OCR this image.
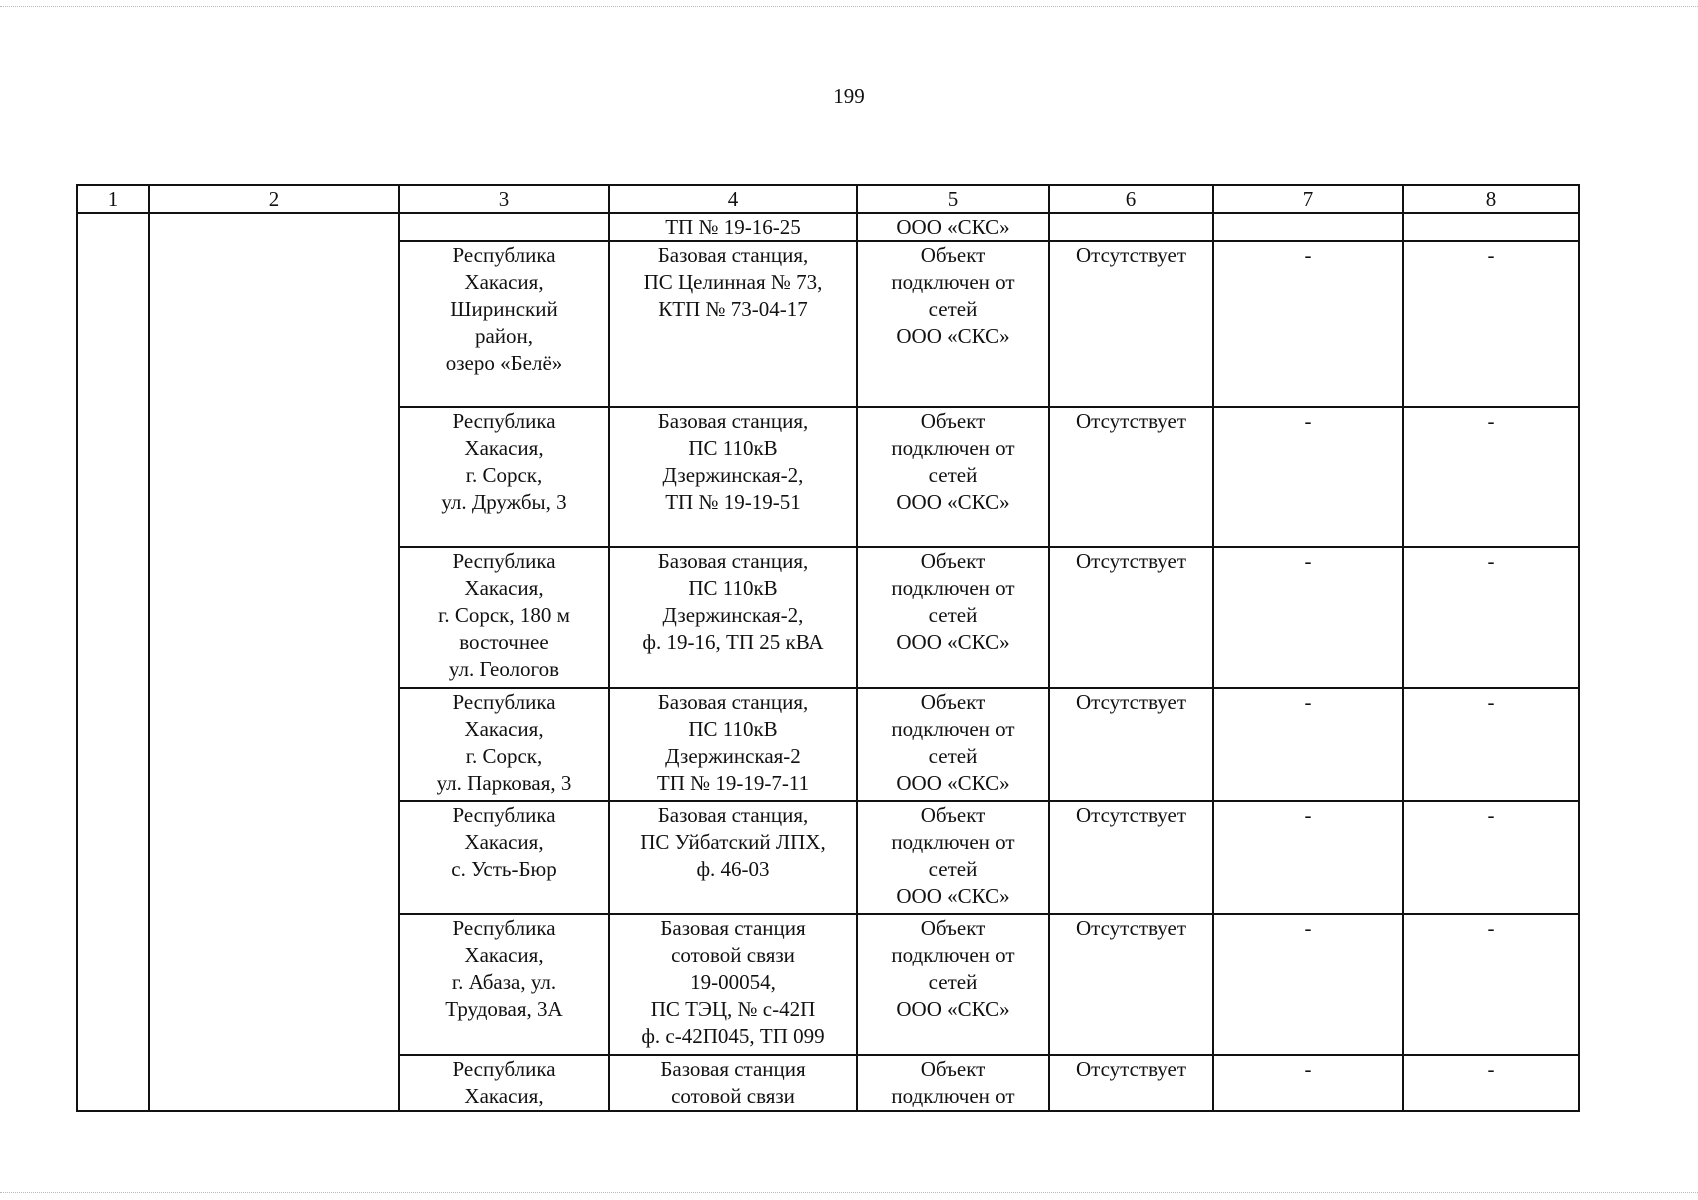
199
1	2	3	4	5	6	7	8
			ТП № 19-16-25	ООО «СКС»			
		Республика
Хакасия,
Ширинский
район,
озеро «Белё»	Базовая станция,
ПС Целинная № 73,
КТП № 73-04-17	Объект
подключен от
сетей
ООО «СКС»	Отсутствует	-	-
		Республика
Хакасия,
г. Сорск,
ул. Дружбы, 3	Базовая станция,
ПС 110кВ
Дзержинская-2,
ТП № 19-19-51	Объект
подключен от
сетей
ООО «СКС»	Отсутствует	-	-
		Республика
Хакасия,
г. Сорск, 180 м
восточнее
ул. Геологов	Базовая станция,
ПС 110кВ
Дзержинская-2,
ф. 19-16, ТП 25 кВА	Объект
подключен от
сетей
ООО «СКС»	Отсутствует	-	-
		Республика
Хакасия,
г. Сорск,
ул. Парковая, 3	Базовая станция,
ПС 110кВ
Дзержинская-2
ТП № 19-19-7-11	Объект
подключен от
сетей
ООО «СКС»	Отсутствует	-	-
		Республика
Хакасия,
с. Усть-Бюр	Базовая станция,
ПС Уйбатский ЛПХ,
ф. 46-03	Объект
подключен от
сетей
ООО «СКС»	Отсутствует	-	-
		Республика
Хакасия,
г. Абаза, ул.
Трудовая, 3А	Базовая станция
сотовой связи
19-00054,
ПС ТЭЦ, № с-42П
ф. с-42П045, ТП 099	Объект
подключен от
сетей
ООО «СКС»	Отсутствует	-	-
		Республика
Хакасия,	Базовая станция
сотовой связи	Объект
подключен от	Отсутствует	-	-
